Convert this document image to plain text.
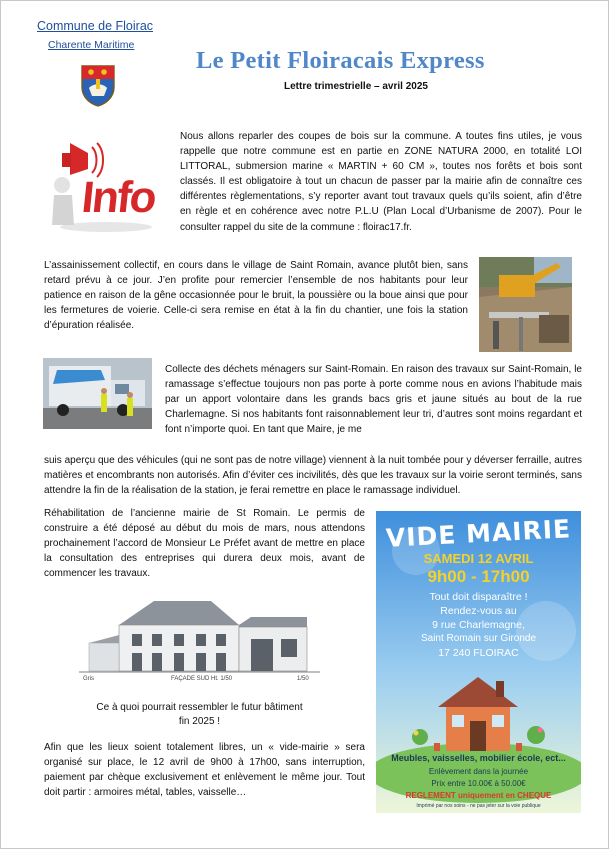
Commune de Floirac
Charente Maritime
Le Petit Floiracais Express
Lettre trimestrielle – avril 2025
Info

Nous allons reparler des coupes de bois sur la commune. A toutes fins utiles, je vous rappelle que notre commune est en partie en ZONE NATURA 2000, en totalité LOI LITTORAL, submersion marine « MARTIN + 60 CM », toutes nos forêts et bois sont classés. Il est obligatoire à tout un chacun de passer par la mairie afin de connaître ces différentes règlementations, s’y reporter avant tout travaux quels qu’ils soient, afin d’être en règle et en cohérence avec notre P.L.U (Plan Local d’Urbanisme de 2007). Pour le consulter rappel du site de la commune : floirac17.fr.

L’assainissement collectif, en cours dans le village de Saint Romain, avance plutôt bien, sans retard prévu à ce jour. J’en profite pour remercier l’ensemble de nos habitants pour leur patience en raison de la gêne occasionnée pour le bruit, la poussière ou la boue ainsi que pour les fermetures de voierie. Celle-ci sera remise en état à la fin du chantier, une fois la station d’épuration réalisée.

Collecte des déchets ménagers sur Saint-Romain. En raison des travaux sur Saint-Romain, le ramassage s’effectue toujours non pas porte à porte comme nous en avions l’habitude mais par un apport volontaire dans les grands bacs gris et jaune situés au bout de la rue Charlemagne. Si nos habitants font raisonnablement leur tri, d’autres sont moins regardant et font n’importe quoi. En tant que Maire, je me

suis aperçu que des véhicules (qui ne sont pas de notre village) viennent à la nuit tombée pour y déverser ferraille, autres matières et encombrants non autorisés. Afin d’éviter ces incivilités, dès que les travaux sur la voirie seront terminés, sans attendre la fin de la réalisation de la station, je ferai remettre en place le ramassage individuel.

Réhabilitation de l’ancienne mairie de St Romain. Le permis de construire a été déposé au début du mois de mars, nous attendons prochainement l’accord de Monsieur Le Préfet avant de mettre en place la consultation des entreprises qui durera deux mois, avant de commencer les travaux.

Gris	FAÇADE SUD Ht. 1/50	1/50
Ce à quoi pourrait ressembler le futur bâtiment
fin 2025 !

Afin que les lieux soient totalement libres, un « vide-mairie » sera organisé sur place, le 12 avril de 9h00 à 17h00, sans interruption, paiement par chèque exclusivement et enlèvement le même jour. Tout doit partir : armoires métal, tables, vaisselle…

VIDE MAIRIE
SAMEDI 12 AVRIL
9h00 - 17h00
Tout doit disparaître !
Rendez-vous au
9 rue Charlemagne,
Saint Romain sur Gironde
17 240 FLOIRAC
Meubles, vaisselles, mobilier école, ect...
Enlèvement dans la journée
Prix entre 10.00€ à 50.00€
REGLEMENT uniquement en CHEQUE
Imprimé par nos soins - ne pas jeter sur la voie publique
